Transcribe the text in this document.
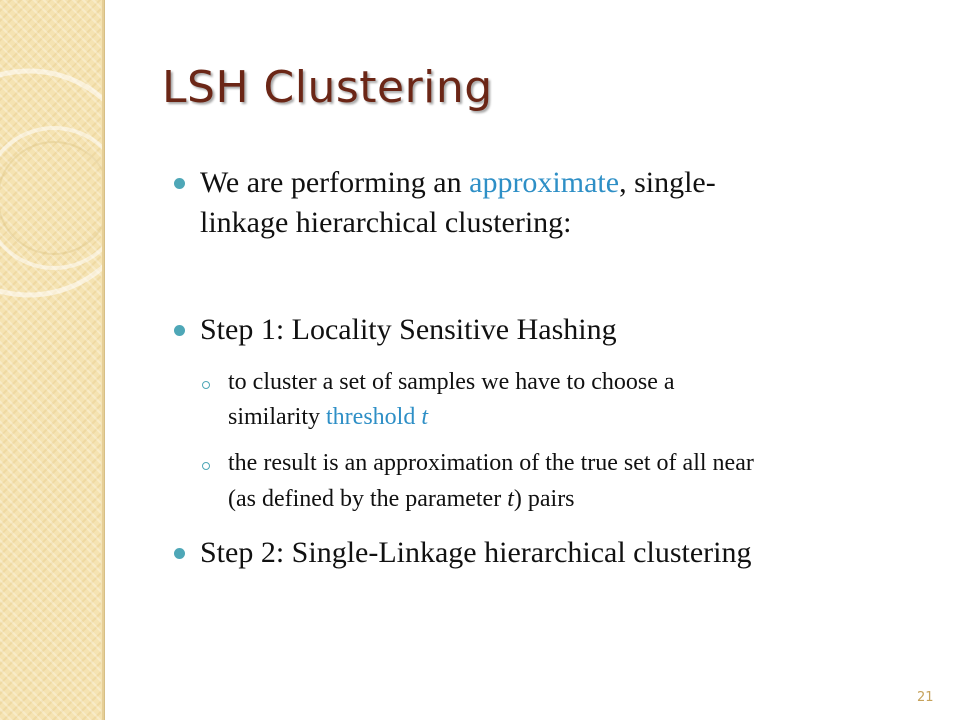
LSH Clustering
We are performing an approximate, single-
linkage hierarchical clustering:
Step 1: Locality Sensitive Hashing
to cluster a set of samples we have to choose a
similarity threshold t
the result is an approximation of the true set of all near
(as defined by the parameter t) pairs
Step 2: Single-Linkage hierarchical clustering
21
